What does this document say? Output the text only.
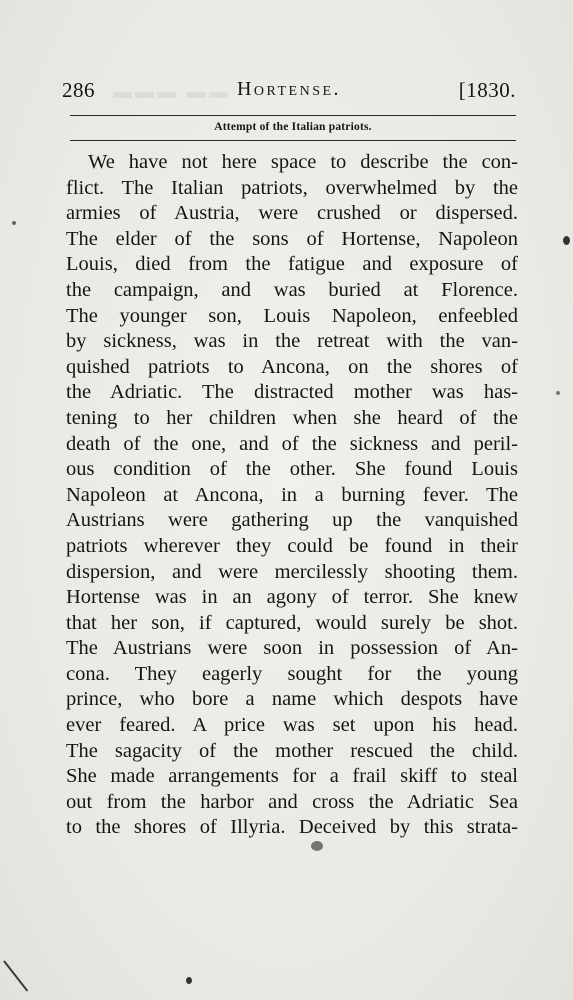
▬▬ ▬▬▬
286	Hortense.	[1830.
Attempt of the Italian patriots.
We have not here space to describe the con-
flict. The Italian patriots, overwhelmed by the
armies of Austria, were crushed or dispersed.
The elder of the sons of Hortense, Napoleon
Louis, died from the fatigue and exposure of
the campaign, and was buried at Florence.
The younger son, Louis Napoleon, enfeebled
by sickness, was in the retreat with the van-
quished patriots to Ancona, on the shores of
the Adriatic. The distracted mother was has-
tening to her children when she heard of the
death of the one, and of the sickness and peril-
ous condition of the other. She found Louis
Napoleon at Ancona, in a burning fever. The
Austrians were gathering up the vanquished
patriots wherever they could be found in their
dispersion, and were mercilessly shooting them.
Hortense was in an agony of terror. She knew
that her son, if captured, would surely be shot.
The Austrians were soon in possession of An-
cona. They eagerly sought for the young
prince, who bore a name which despots have
ever feared. A price was set upon his head.
The sagacity of the mother rescued the child.
She made arrangements for a frail skiff to steal
out from the harbor and cross the Adriatic Sea
to the shores of Illyria. Deceived by this strata-
